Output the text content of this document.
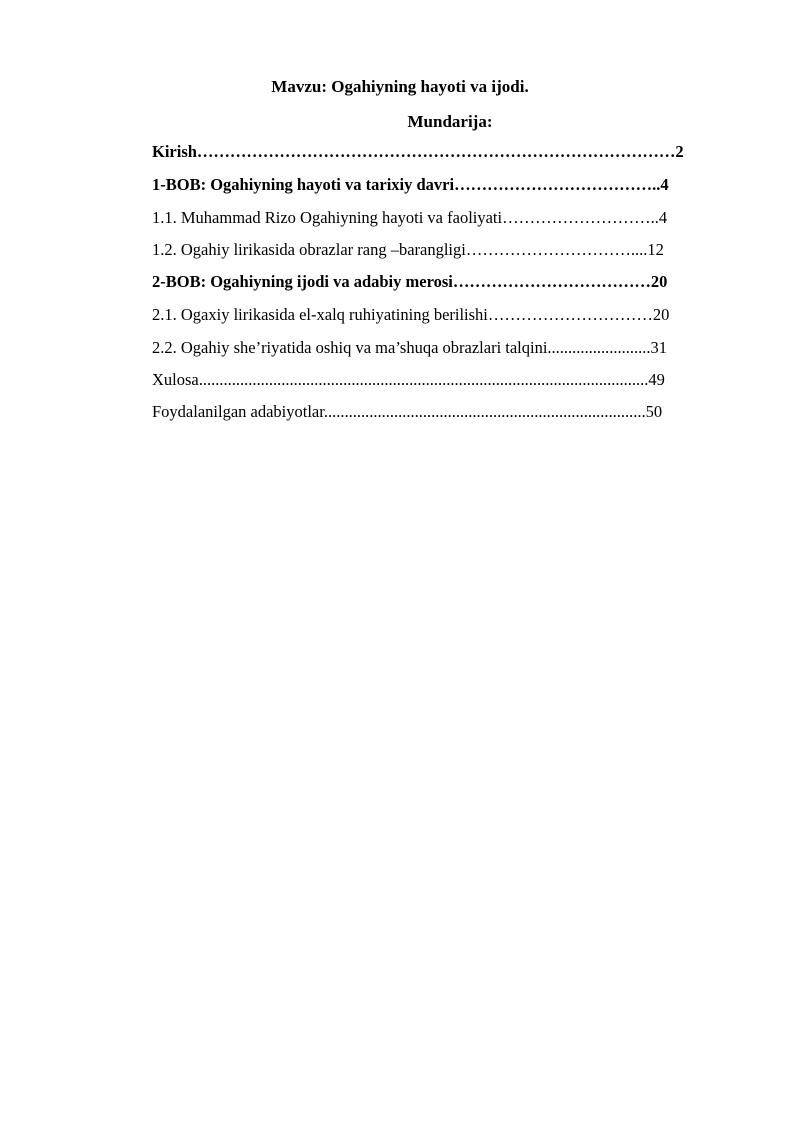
Mavzu: Ogahiyning hayoti va ijodi.
Mundarija:
Kirish……………………………………………………………………………2
1-BOB: Ogahiyning hayoti va tarixiy davri………………………………..4
1.1. Muhammad Rizo Ogahiyning hayoti va faoliyati………………………..4
1.2. Ogahiy lirikasida obrazlar rang –barangligi…………………………....12
2-BOB: Ogahiyning ijodi va adabiy merosi………………………………20
2.1. Ogaxiy lirikasida el-xalq ruhiyatining berilishi…………………………20
2.2. Ogahiy she’riyatida oshiq va ma’shuqa obrazlari talqini.........................31
Xulosa.............................................................................................................49
Foydalanilgan adabiyotlar..............................................................................50
